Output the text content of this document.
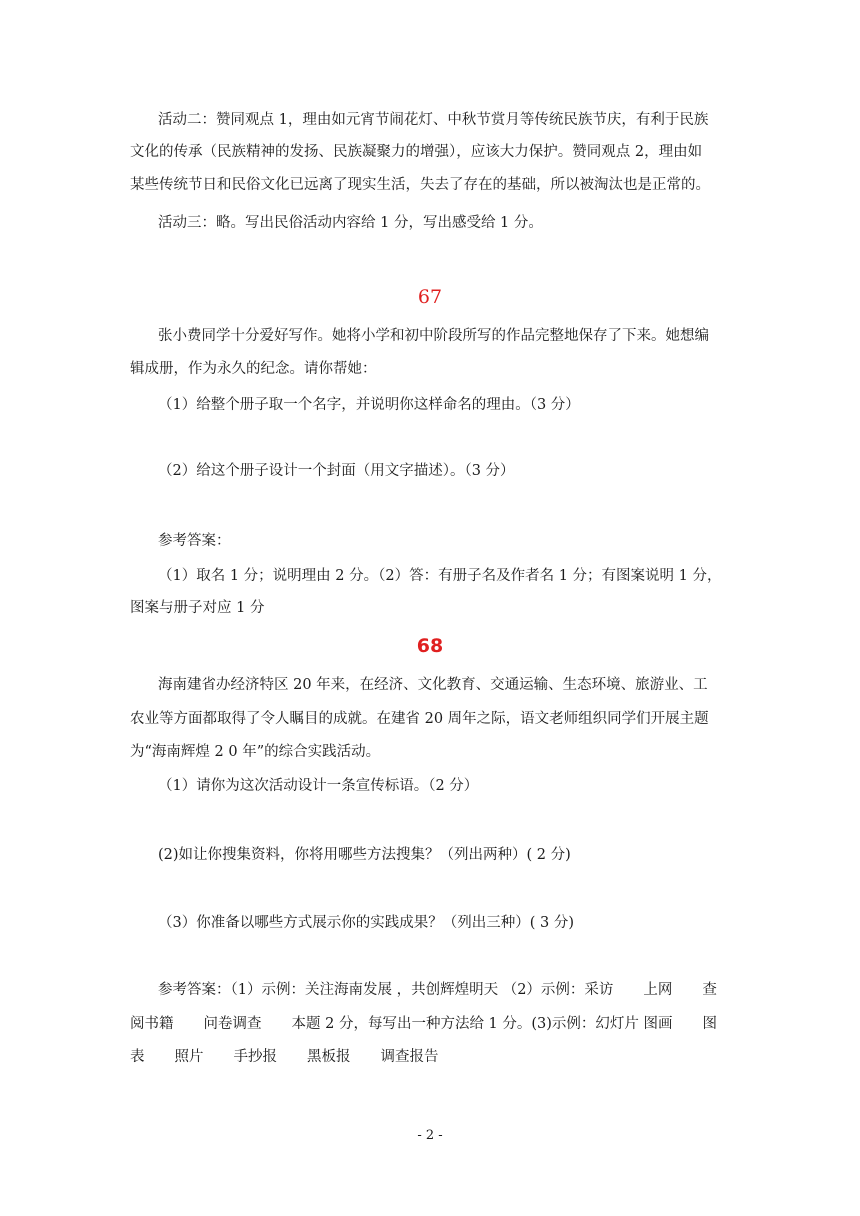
活动二：赞同观点 1，理由如元宵节闹花灯、中秋节赏月等传统民族节庆，有利于民族

文化的传承（民族精神的发扬、民族凝聚力的增强），应该大力保护。赞同观点 2，理由如

某些传统节日和民俗文化已远离了现实生活，失去了存在的基础，所以被淘汰也是正常的。

活动三：略。写出民俗活动内容给 1 分，写出感受给 1 分。

67

张小费同学十分爱好写作。她将小学和初中阶段所写的作品完整地保存了下来。她想编

辑成册，作为永久的纪念。请你帮她：

（1）给整个册子取一个名字，并说明你这样命名的理由。（3 分）

（2）给这个册子设计一个封面（用文字描述）。（3 分）

参考答案：

（1）取名 1 分；说明理由 2 分。（2）答：有册子名及作者名 1 分；有图案说明 1 分，

图案与册子对应 1 分

68

海南建省办经济特区 20 年来，在经济、文化教育、交通运输、生态环境、旅游业、工

农业等方面都取得了令人瞩目的成就。在建省 20 周年之际，语文老师组织同学们开展主题

为“海南辉煌 2 0 年”的综合实践活动。

（1）请你为这次活动设计一条宣传标语。（2 分）

(2)如让你搜集资料，你将用哪些方法搜集？（列出两种）( 2 分)

（3）你准备以哪些方式展示你的实践成果？（列出三种）( 3 分)

参考答案：（1）示例：关注海南发展 ，共创辉煌明天 （2）示例：采访 上网 查

阅书籍 问卷调查 本题 2 分，每写出一种方法给 1 分。(3)示例：幻灯片 图画 图

表 照片 手抄报 黑板报 调查报告

- 2 -
